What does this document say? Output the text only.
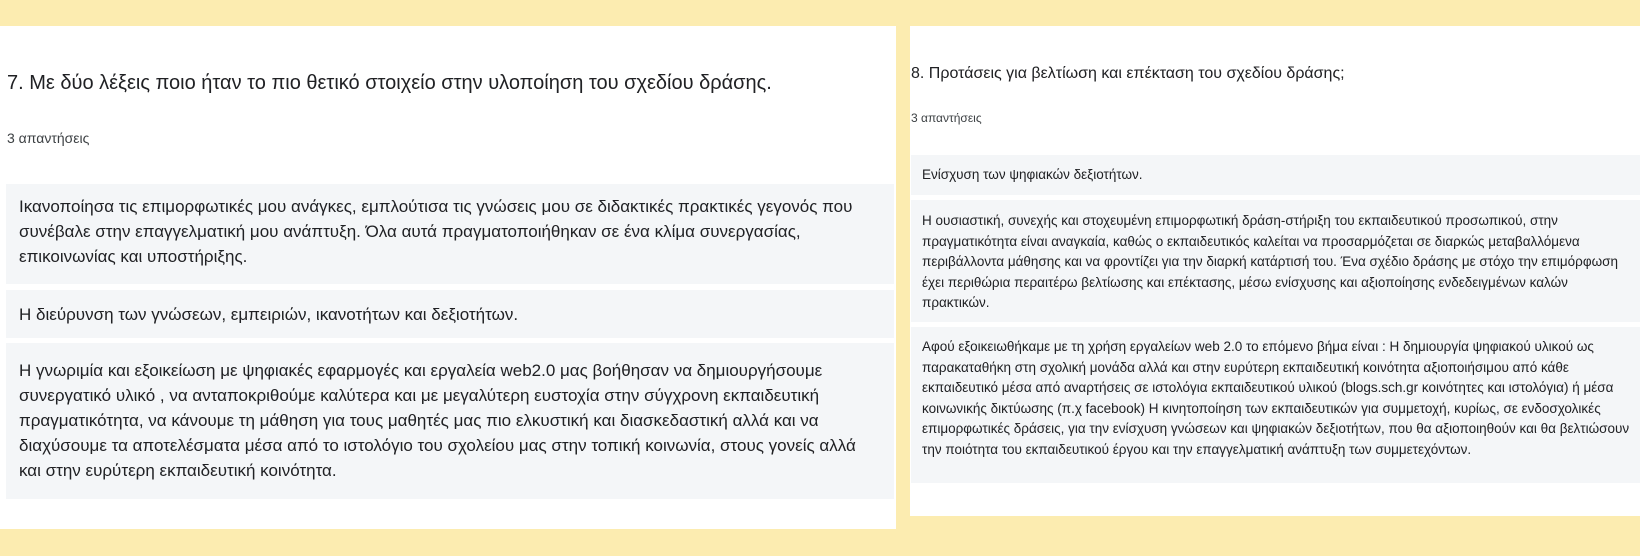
7. Με δύο λέξεις ποιο ήταν το πιο θετικό στοιχείο στην υλοποίηση του σχεδίου δράσης.
3 απαντήσεις
Ικανοποίησα τις επιμορφωτικές μου ανάγκες, εμπλούτισα τις γνώσεις μου σε διδακτικές πρακτικές γεγονός που συνέβαλε στην επαγγελματική μου ανάπτυξη. Όλα αυτά πραγματοποιήθηκαν σε ένα κλίμα συνεργασίας, επικοινωνίας και υποστήριξης.
Η διεύρυνση των γνώσεων, εμπειριών, ικανοτήτων και δεξιοτήτων.
Η γνωριμία και εξοικείωση με ψηφιακές εφαρμογές και εργαλεία web2.0 μας βοήθησαν να δημιουργήσουμε συνεργατικό υλικό , να ανταποκριθούμε καλύτερα και με μεγαλύτερη ευστοχία στην σύγχρονη εκπαιδευτική πραγματικότητα, να κάνουμε τη μάθηση για τους μαθητές μας πιο ελκυστική και διασκεδαστική αλλά και να διαχύσουμε τα αποτελέσματα μέσα από το ιστολόγιο του σχολείου μας στην τοπική κοινωνία, στους γονείς αλλά και στην ευρύτερη εκπαιδευτική κοινότητα.
8. Προτάσεις για βελτίωση και επέκταση του σχεδίου δράσης;
3 απαντήσεις
Ενίσχυση των ψηφιακών δεξιοτήτων.
Η ουσιαστική, συνεχής και στοχευμένη επιμορφωτική δράση-στήριξη του εκπαιδευτικού προσωπικού, στην πραγματικότητα είναι αναγκαία, καθώς ο εκπαιδευτικός καλείται να προσαρμόζεται σε διαρκώς μεταβαλλόμενα περιβάλλοντα μάθησης και να φροντίζει για την διαρκή κατάρτισή του. Ένα σχέδιο δράσης με στόχο την επιμόρφωση έχει περιθώρια περαιτέρω βελτίωσης και επέκτασης, μέσω ενίσχυσης και αξιοποίησης ενδεδειγμένων καλών πρακτικών.
Αφού εξοικειωθήκαμε με τη χρήση εργαλείων web 2.0 το επόμενο βήμα είναι : Η δημιουργία ψηφιακού υλικού ως παρακαταθήκη στη σχολική μονάδα αλλά και στην ευρύτερη εκπαιδευτική κοινότητα αξιοποιήσιμου από κάθε εκπαιδευτικό μέσα από αναρτήσεις σε ιστολόγια εκπαιδευτικού υλικού (blogs.sch.gr κοινότητες και ιστολόγια) ή μέσα κοινωνικής δικτύωσης (π.χ facebook) Η κινητοποίηση των εκπαιδευτικών για συμμετοχή, κυρίως, σε ενδοσχολικές επιμορφωτικές δράσεις, για την ενίσχυση γνώσεων και ψηφιακών δεξιοτήτων, που θα αξιοποιηθούν και θα βελτιώσουν την ποιότητα του εκπαιδευτικού έργου και την επαγγελματική ανάπτυξη των συμμετεχόντων.
